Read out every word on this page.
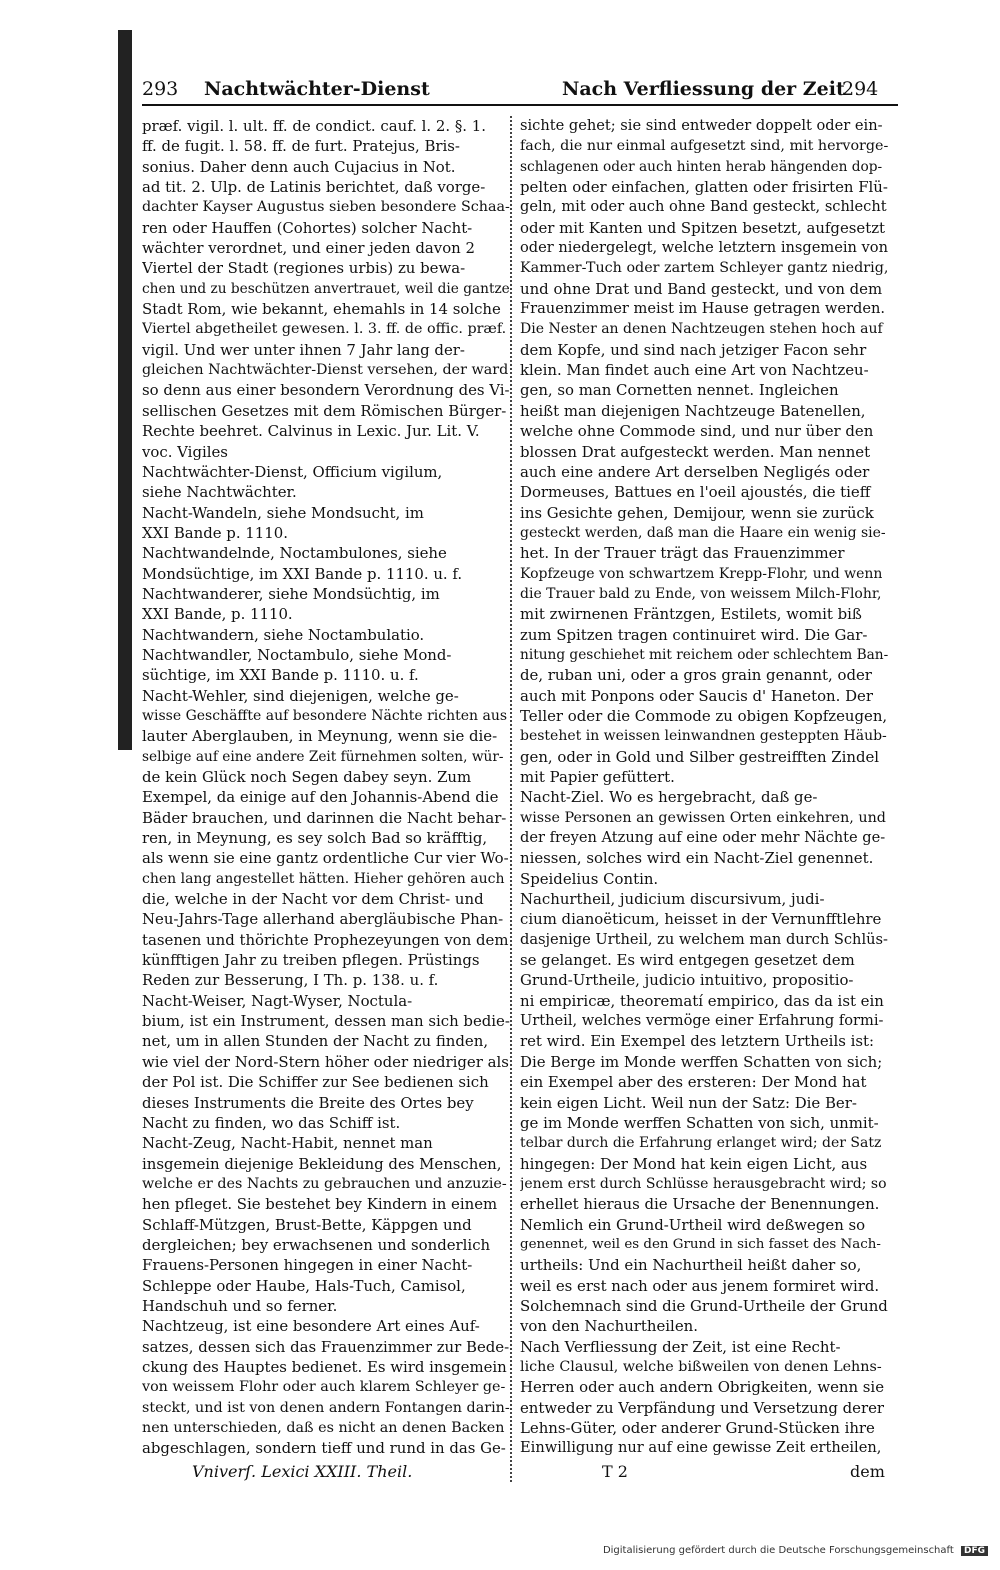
293 Nachtwächter-Dienst	Nach Verfliessung der Zeit
294
præf. vigil. l. ult. ff. de condict. cauf. l. 2. §. 1.
ff. de fugit. l. 58. ff. de furt. Pratejus, Bris-
sonius. Daher denn auch Cujacius in Not.
ad tit. 2. Ulp. de Latinis berichtet, daß vorge-
dachter Kayser Augustus sieben besondere Schaa-
ren oder Hauffen (Cohortes) solcher Nacht-
wächter verordnet, und einer jeden davon 2
Viertel der Stadt (regiones urbis) zu bewa-
chen und zu beschützen anvertrauet, weil die gantze
Stadt Rom, wie bekannt, ehemahls in 14 solche
Viertel abgetheilet gewesen. l. 3. ff. de offic. præf.
vigil. Und wer unter ihnen 7 Jahr lang der-
gleichen Nachtwächter-Dienst versehen, der ward
so denn aus einer besondern Verordnung des Vi-
sellischen Gesetzes mit dem Römischen Bürger-
Rechte beehret. Calvinus in Lexic. Jur. Lit. V.
voc. Vigiles
Nachtwächter-Dienst, Officium vigilum,
siehe Nachtwächter.
Nacht-Wandeln, siehe Mondsucht, im
XXI Bande p. 1110.
Nachtwandelnde, Noctambulones, siehe
Mondsüchtige, im XXI Bande p. 1110. u. f.
Nachtwanderer, siehe Mondsüchtig, im
XXI Bande, p. 1110.
Nachtwandern, siehe Noctambulatio.
Nachtwandler, Noctambulo, siehe Mond-
süchtige, im XXI Bande p. 1110. u. f.
Nacht-Wehler, sind diejenigen, welche ge-
wisse Geschäffte auf besondere Nächte richten aus
lauter Aberglauben, in Meynung, wenn sie die-
selbige auf eine andere Zeit fürnehmen solten, wür-
de kein Glück noch Segen dabey seyn. Zum
Exempel, da einige auf den Johannis-Abend die
Bäder brauchen, und darinnen die Nacht behar-
ren, in Meynung, es sey solch Bad so kräfftig,
als wenn sie eine gantz ordentliche Cur vier Wo-
chen lang angestellet hätten. Hieher gehören auch
die, welche in der Nacht vor dem Christ- und
Neu-Jahrs-Tage allerhand abergläubische Phan-
tasenen und thörichte Prophezeyungen von dem
künfftigen Jahr zu treiben pflegen. Prüstings
Reden zur Besserung, I Th. p. 138. u. f.
Nacht-Weiser, Nagt-Wyser, Noctula-
bium, ist ein Instrument, dessen man sich bedie-
net, um in allen Stunden der Nacht zu finden,
wie viel der Nord-Stern höher oder niedriger als
der Pol ist. Die Schiffer zur See bedienen sich
dieses Instruments die Breite des Ortes bey
Nacht zu finden, wo das Schiff ist.
Nacht-Zeug, Nacht-Habit, nennet man
insgemein diejenige Bekleidung des Menschen,
welche er des Nachts zu gebrauchen und anzuzie-
hen pfleget. Sie bestehet bey Kindern in einem
Schlaff-Mützgen, Brust-Bette, Käppgen und
dergleichen; bey erwachsenen und sonderlich
Frauens-Personen hingegen in einer Nacht-
Schleppe oder Haube, Hals-Tuch, Camisol,
Handschuh und so ferner.
Nachtzeug, ist eine besondere Art eines Auf-
satzes, dessen sich das Frauenzimmer zur Bede-
ckung des Hauptes bedienet. Es wird insgemein
von weissem Flohr oder auch klarem Schleyer ge-
steckt, und ist von denen andern Fontangen darin-
nen unterschieden, daß es nicht an denen Backen
abgeschlagen, sondern tieff und rund in das Ge-
sichte gehet; sie sind entweder doppelt oder ein-
fach, die nur einmal aufgesetzt sind, mit hervorge-
schlagenen oder auch hinten herab hängenden dop-
pelten oder einfachen, glatten oder frisirten Flü-
geln, mit oder auch ohne Band gesteckt, schlecht
oder mit Kanten und Spitzen besetzt, aufgesetzt
oder niedergelegt, welche letztern insgemein von
Kammer-Tuch oder zartem Schleyer gantz niedrig,
und ohne Drat und Band gesteckt, und von dem
Frauenzimmer meist im Hause getragen werden.
Die Nester an denen Nachtzeugen stehen hoch auf
dem Kopfe, und sind nach jetziger Facon sehr
klein. Man findet auch eine Art von Nachtzeu-
gen, so man Cornetten nennet. Ingleichen
heißt man diejenigen Nachtzeuge Batenellen,
welche ohne Commode sind, und nur über den
blossen Drat aufgesteckt werden. Man nennet
auch eine andere Art derselben Negligés oder
Dormeuses, Battues en l'oeil ajoustés, die tieff
ins Gesichte gehen, Demijour, wenn sie zurück
gesteckt werden, daß man die Haare ein wenig sie-
het. In der Trauer trägt das Frauenzimmer
Kopfzeuge von schwartzem Krepp-Flohr, und wenn
die Trauer bald zu Ende, von weissem Milch-Flohr,
mit zwirnenen Fräntzgen, Estilets, womit biß
zum Spitzen tragen continuiret wird. Die Gar-
nitung geschiehet mit reichem oder schlechtem Ban-
de, ruban uni, oder a gros grain genannt, oder
auch mit Ponpons oder Saucis d' Haneton. Der
Teller oder die Commode zu obigen Kopfzeugen,
bestehet in weissen leinwandnen gesteppten Häub-
gen, oder in Gold und Silber gestreifften Zindel
mit Papier gefüttert.
Nacht-Ziel. Wo es hergebracht, daß ge-
wisse Personen an gewissen Orten einkehren, und
der freyen Atzung auf eine oder mehr Nächte ge-
niessen, solches wird ein Nacht-Ziel genennet.
Speidelius Contin.
Nachurtheil, judicium discursivum, judi-
cium dianoëticum, heisset in der Vernunfftlehre
dasjenige Urtheil, zu welchem man durch Schlüs-
se gelanget. Es wird entgegen gesetzet dem
Grund-Urtheile, judicio intuitivo, propositio-
ni empiricæ, theorematí empirico, das da ist ein
Urtheil, welches vermöge einer Erfahrung formi-
ret wird. Ein Exempel des letztern Urtheils ist:
Die Berge im Monde werffen Schatten von sich;
ein Exempel aber des ersteren: Der Mond hat
kein eigen Licht. Weil nun der Satz: Die Ber-
ge im Monde werffen Schatten von sich, unmit-
telbar durch die Erfahrung erlanget wird; der Satz
hingegen: Der Mond hat kein eigen Licht, aus
jenem erst durch Schlüsse herausgebracht wird; so
erhellet hieraus die Ursache der Benennungen.
Nemlich ein Grund-Urtheil wird deßwegen so
genennet, weil es den Grund in sich fasset des Nach-
urtheils: Und ein Nachurtheil heißt daher so,
weil es erst nach oder aus jenem formiret wird.
Solchemnach sind die Grund-Urtheile der Grund
von den Nachurtheilen.
Nach Verfliessung der Zeit, ist eine Recht-
liche Clausul, welche bißweilen von denen Lehns-
Herren oder auch andern Obrigkeiten, wenn sie
entweder zu Verpfändung und Versetzung derer
Lehns-Güter, oder anderer Grund-Stücken ihre
Einwilligung nur auf eine gewisse Zeit ertheilen,
Vniverſ. Lexici XXIII. Theil.	T 2	dem
Digitalisierung gefördert durch die Deutsche Forschungsgemeinschaft DFG
